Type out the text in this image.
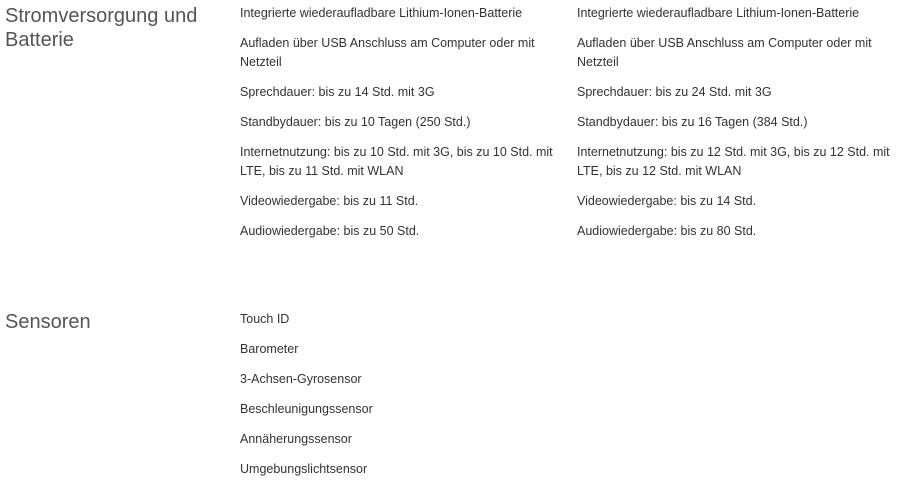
Stromversorgung und Batterie
Integrierte wiederaufladbare Lithium-Ionen-Batterie
Aufladen über USB Anschluss am Computer oder mit Netzteil
Sprechdauer: bis zu 14 Std. mit 3G
Standbydauer: bis zu 10 Tagen (250 Std.)
Internetnutzung: bis zu 10 Std. mit 3G, bis zu 10 Std. mit LTE, bis zu 11 Std. mit WLAN
Videowiedergabe: bis zu 11 Std.
Audiowiedergabe: bis zu 50 Std.
Integrierte wiederaufladbare Lithium-Ionen-Batterie
Aufladen über USB Anschluss am Computer oder mit Netzteil
Sprechdauer: bis zu 24 Std. mit 3G
Standbydauer: bis zu 16 Tagen (384 Std.)
Internetnutzung: bis zu 12 Std. mit 3G, bis zu 12 Std. mit LTE, bis zu 12 Std. mit WLAN
Videowiedergabe: bis zu 14 Std.
Audiowiedergabe: bis zu 80 Std.
Sensoren	Touch ID
Barometer
3-Achsen-Gyrosensor
Beschleunigungssensor
Annäherungssensor
Umgebungslichtsensor
